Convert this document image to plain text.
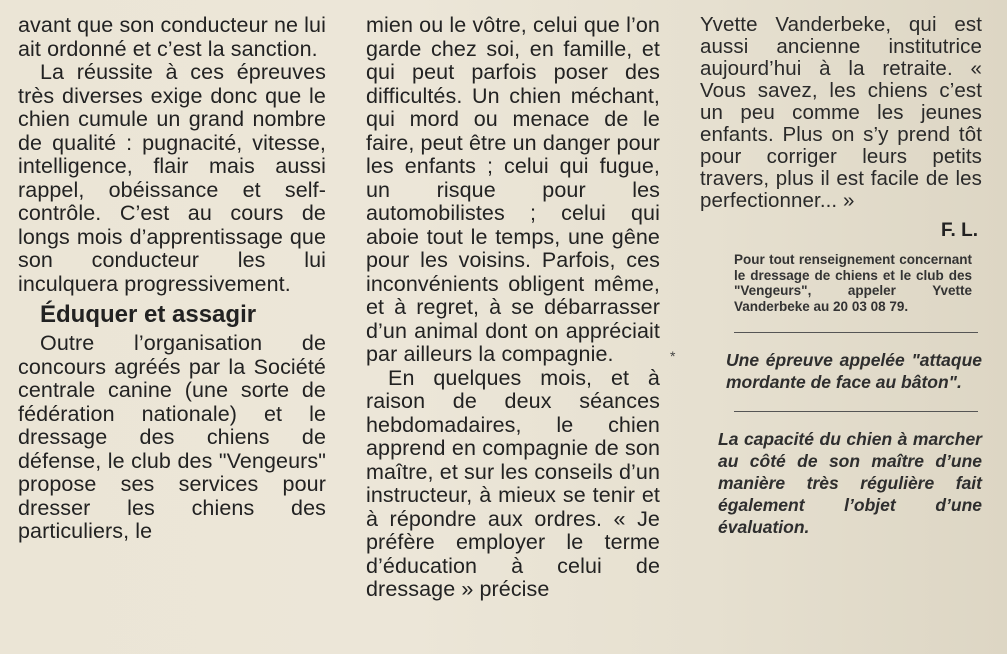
avant que son conducteur ne lui ait ordonné et c’est la sanction.

La réussite à ces épreuves très diverses exige donc que le chien cumule un grand nombre de qualité : pugnacité, vitesse, intelligence, flair mais aussi rappel, obéissance et self-contrôle. C’est au cours de longs mois d’apprentissage que son conducteur les lui inculquera progressivement.

Éduquer et assagir

Outre l’organisation de concours agréés par la Société centrale canine (une sorte de fédération nationale) et le dressage des chiens de défense, le club des "Vengeurs" propose ses services pour dresser les chiens des particuliers, le

mien ou le vôtre, celui que l’on garde chez soi, en famille, et qui peut parfois poser des difficultés. Un chien méchant, qui mord ou menace de le faire, peut être un danger pour les enfants ; celui qui fugue, un risque pour les automobilistes ; celui qui aboie tout le temps, une gêne pour les voisins. Parfois, ces inconvénients obligent même, et à regret, à se débarrasser d’un animal dont on appréciait par ailleurs la compagnie.

En quelques mois, et à raison de deux séances hebdomadaires, le chien apprend en compagnie de son maître, et sur les conseils d’un instructeur, à mieux se tenir et à répondre aux ordres. « Je préfère employer le terme d’éducation à celui de dressage » précise

*

Yvette Vanderbeke, qui est aussi ancienne institutrice aujourd’hui à la retraite. « Vous savez, les chiens c’est un peu comme les jeunes enfants. Plus on s’y prend tôt pour corriger leurs petits travers, plus il est facile de les perfectionner... »

F. L.

Pour tout renseignement concernant le dressage de chiens et le club des "Vengeurs", appeler Yvette Vanderbeke au 20 03 08 79.

Une épreuve appelée "attaque mordante de face au bâton".

La capacité du chien à marcher au côté de son maître d’une manière très régulière fait également l’objet d’une évaluation.
